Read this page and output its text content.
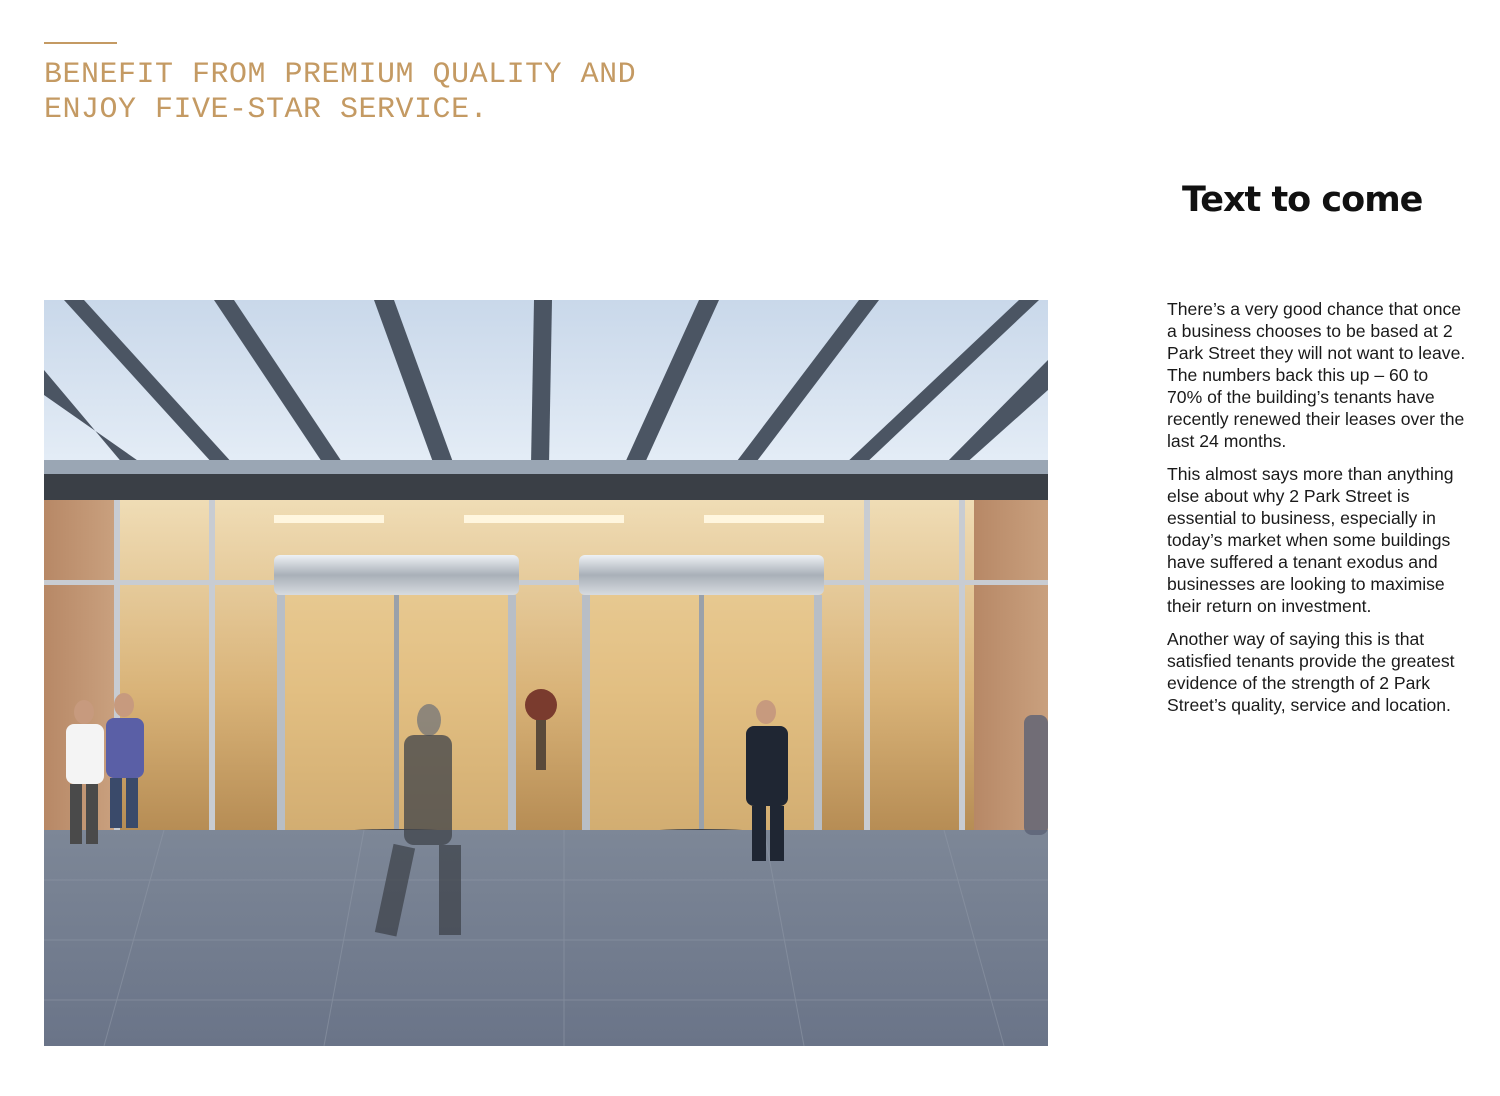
BENEFIT FROM PREMIUM QUALITY AND
ENJOY FIVE-STAR SERVICE.
Text to come

There’s a very good chance that once a business chooses to be based at 2 Park Street they will not want to leave. The numbers back this up – 60 to 70% of the building’s tenants have recently renewed their leases over the last 24 months.

This almost says more than anything else about why 2 Park Street is essential to business, especially in today’s market when some buildings have suffered a tenant exodus and businesses are looking to maximise their return on investment.

Another way of saying this is that satisfied tenants provide the greatest evidence of the strength of 2 Park Street’s quality, service and location.
